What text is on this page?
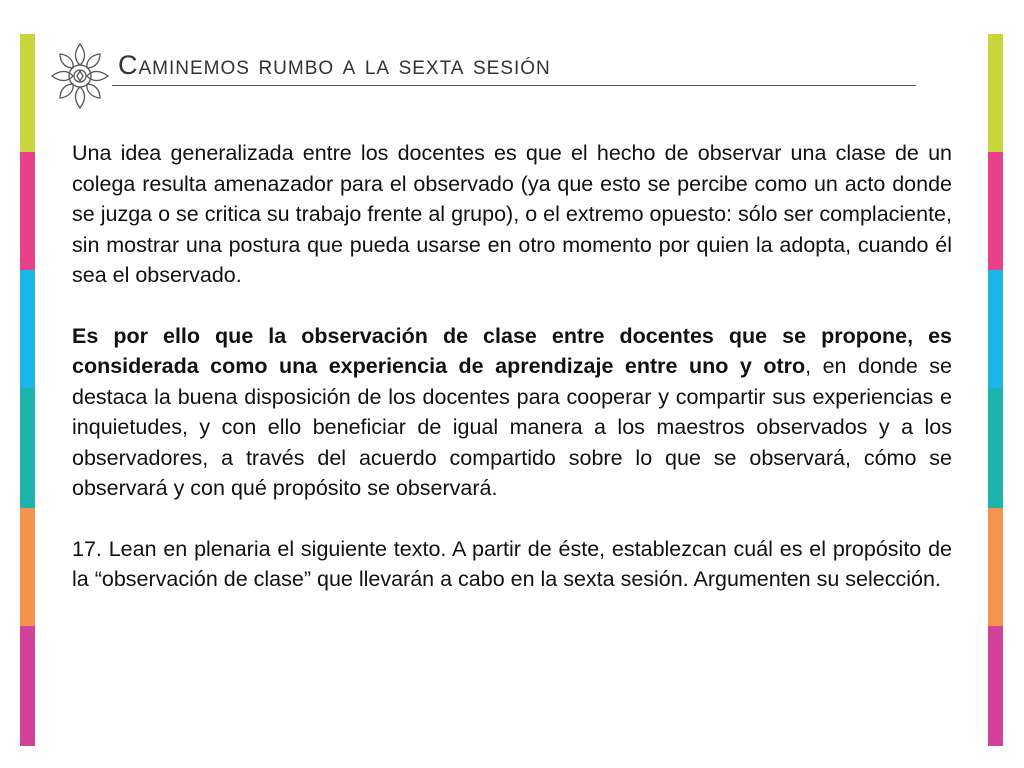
Caminemos rumbo a la sexta sesión

Una idea generalizada entre los docentes es que el hecho de observar una clase de un colega resulta amenazador para el observado (ya que esto se percibe como un acto donde se juzga o se critica su trabajo frente al grupo), o el extremo opuesto: sólo ser complaciente, sin mostrar una postura que pueda usarse en otro momento por quien la adopta, cuando él sea el observado.

Es por ello que la observación de clase entre docentes que se propone, es considerada como una experiencia de aprendizaje entre uno y otro, en donde se destaca la buena disposición de los docentes para cooperar y compartir sus experiencias e inquietudes, y con ello beneficiar de igual manera a los maestros observados y a los observadores, a través del acuerdo compartido sobre lo que se observará, cómo se observará y con qué propósito se observará.

17. Lean en plenaria el siguiente texto. A partir de éste, establezcan cuál es el propósito de la “observación de clase” que llevarán a cabo en la sexta sesión. Argumenten su selección.
